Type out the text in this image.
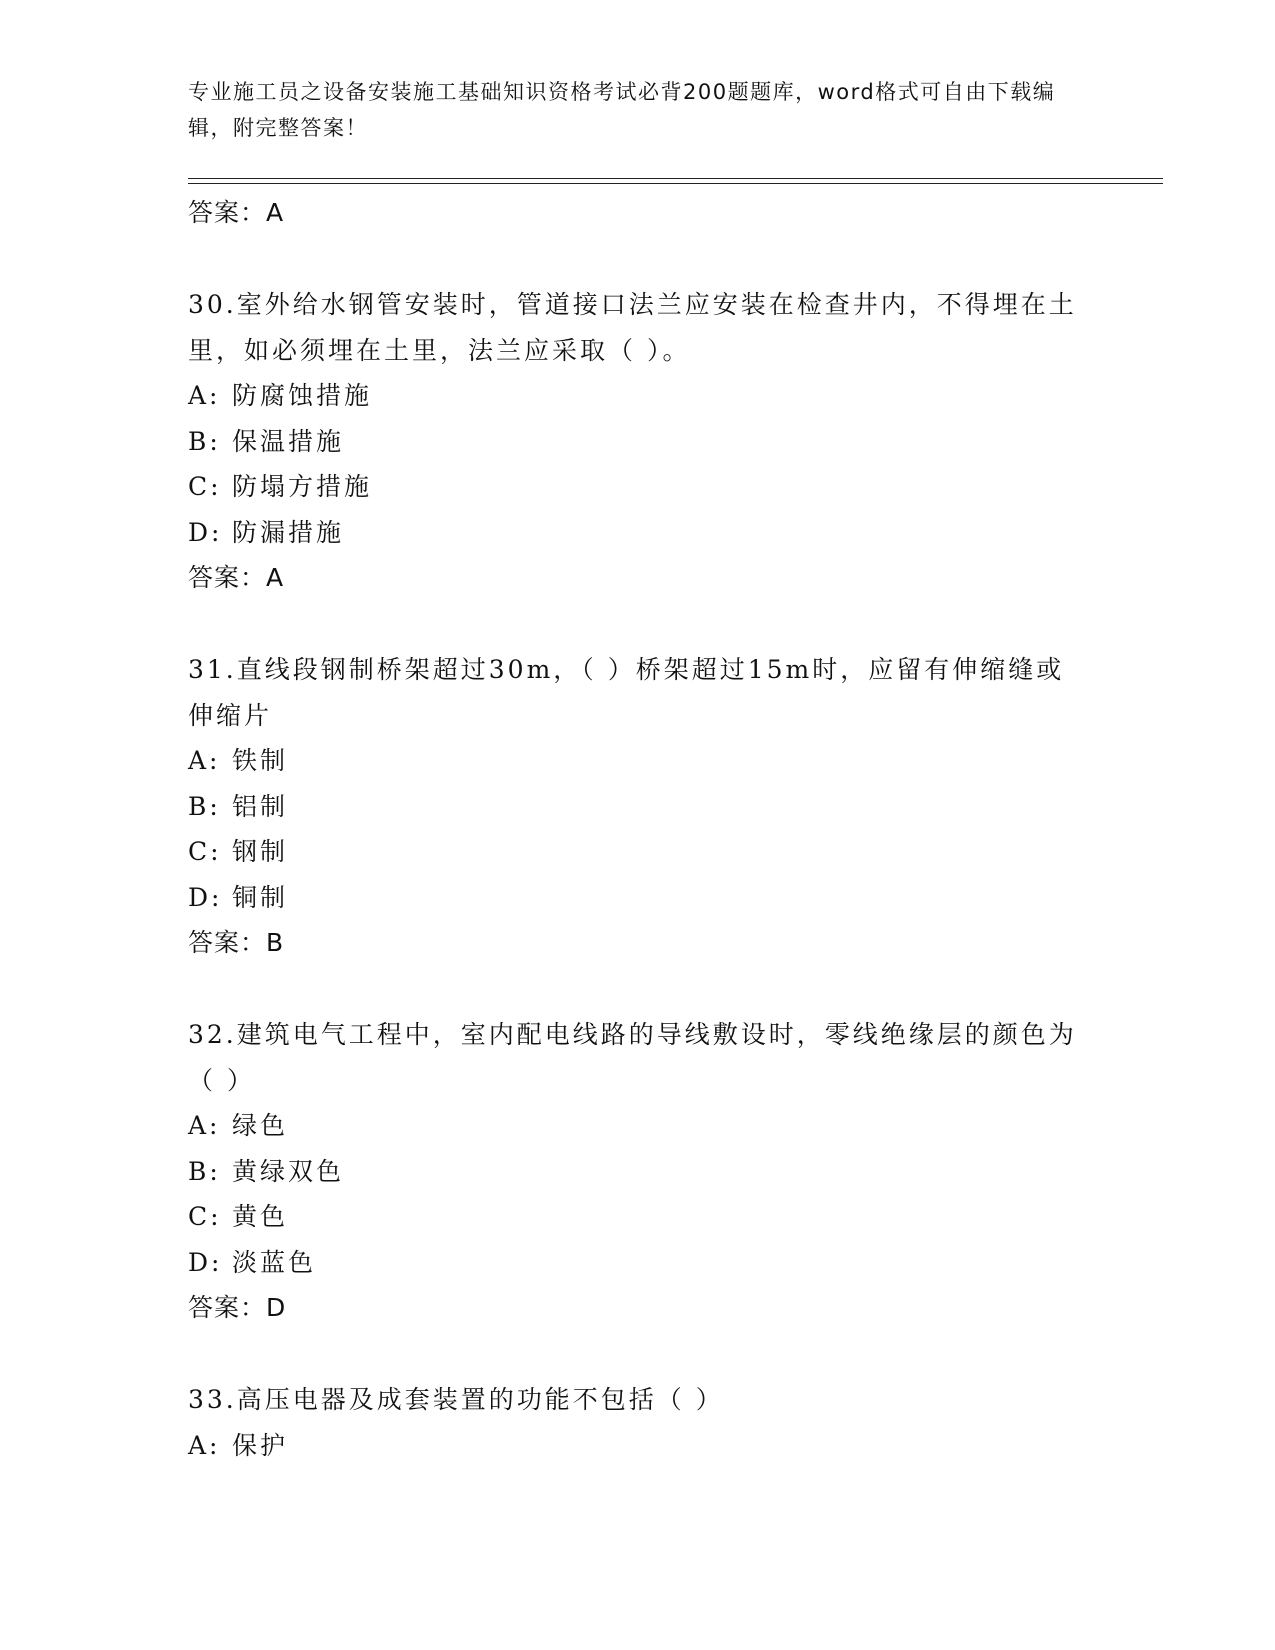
专业施工员之设备安装施工基础知识资格考试必背200题题库，word格式可自由下载编辑，附完整答案！
答案：A
30.室外给水钢管安装时，管道接口法兰应安装在检查井内，不得埋在土里，如必须埋在土里，法兰应采取（ ）。
A: 防腐蚀措施
B: 保温措施
C: 防塌方措施
D: 防漏措施
答案：A
31.直线段钢制桥架超过30m，（ ）桥架超过15m时，应留有伸缩缝或伸缩片
A: 铁制
B: 铝制
C: 钢制
D: 铜制
答案：B
32.建筑电气工程中，室内配电线路的导线敷设时，零线绝缘层的颜色为（ ）
A: 绿色
B: 黄绿双色
C: 黄色
D: 淡蓝色
答案：D
33.高压电器及成套装置的功能不包括（ ）
A: 保护
